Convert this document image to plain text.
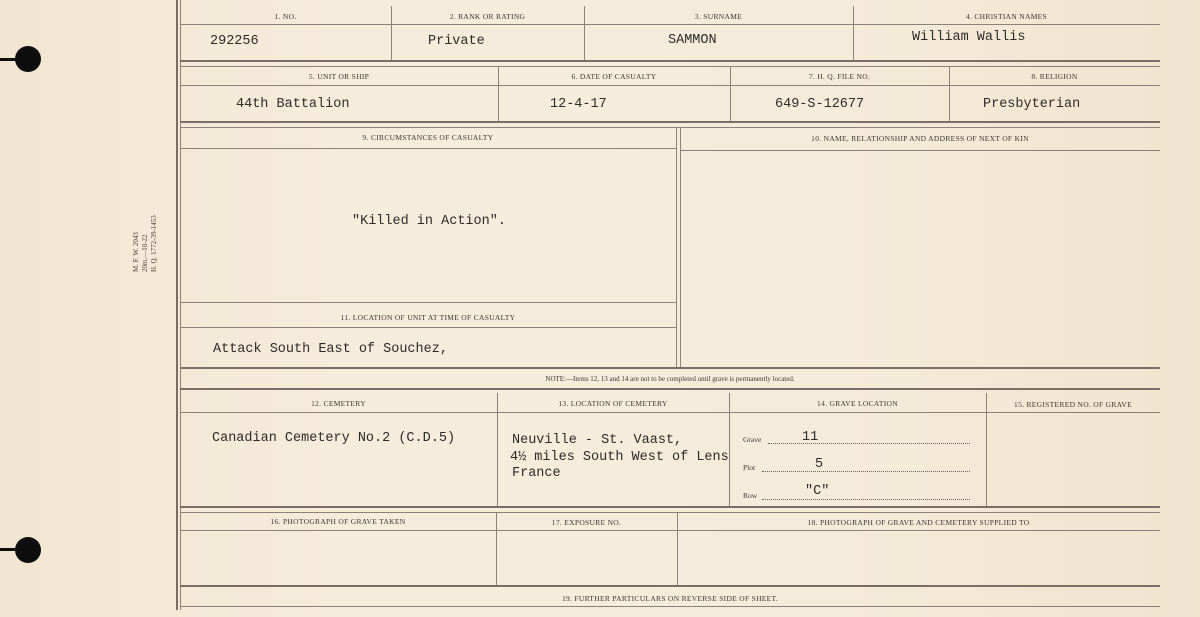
M. F. W. 2043 20m.—10-22 H. Q. 1772-39-1453
1. NO.	2. RANK OR RATING	3. SURNAME	4. CHRISTIAN NAMES
292256	Private	SAMMON	William Wallis
5. UNIT OR SHIP	6. DATE OF CASUALTY	7. H. Q. FILE NO.	8. RELIGION
44th Battalion	12-4-17	649-S-12677	Presbyterian
9. CIRCUMSTANCES OF CASUALTY	10. NAME, RELATIONSHIP AND ADDRESS OF NEXT OF KIN
"Killed in Action".
11. LOCATION OF UNIT AT TIME OF CASUALTY
Attack South East of Souchez,
NOTE:—Items 12, 13 and 14 are not to be completed until grave is permanently located.
12. CEMETERY	13. LOCATION OF CEMETERY	14. GRAVE LOCATION	15. REGISTERED NO. OF GRAVE
Canadian Cemetery No.2 (C.D.5)	Neuville - St. Vaast,
4½ miles South West of Lens
France
Grave	11
Plot	5
Row	"C"
16. PHOTOGRAPH OF GRAVE TAKEN	17. EXPOSURE NO.	18. PHOTOGRAPH OF GRAVE AND CEMETERY SUPPLIED TO
19. FURTHER PARTICULARS ON REVERSE SIDE OF SHEET.
